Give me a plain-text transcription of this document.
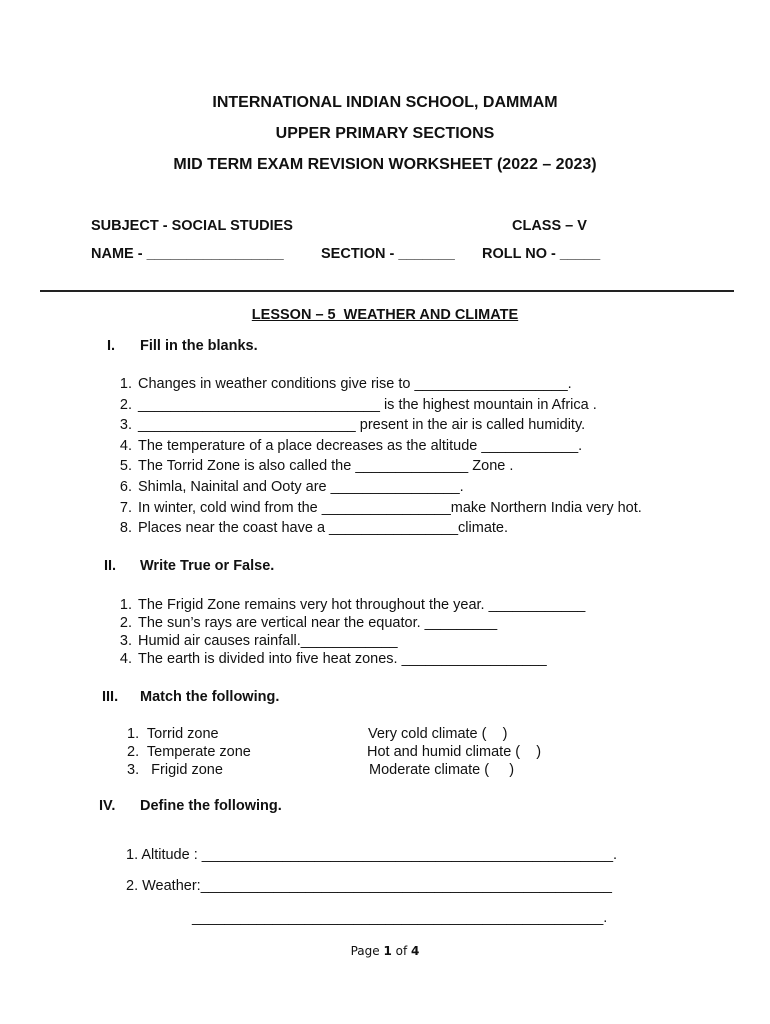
INTERNATIONAL INDIAN SCHOOL, DAMMAM
UPPER PRIMARY SECTIONS
MID TERM EXAM REVISION WORKSHEET (2022 – 2023)
SUBJECT - SOCIAL STUDIES	CLASS – V
NAME - _________________	SECTION - _______ ROLL NO - _____
LESSON – 5  WEATHER AND CLIMATE
I. Fill in the blanks.
1. Changes in weather conditions give rise to ___________________.
2. ______________________________ is the highest mountain in Africa .
3. ___________________________ present in the air is called humidity.
4. The temperature of a place decreases as the altitude ____________.
5. The Torrid Zone is also called the ______________ Zone .
6. Shimla, Nainital and Ooty are ________________.
7. In winter, cold wind from the ________________make Northern India very hot.
8. Places near the coast have a ________________climate.
II. Write True or False.
1. The Frigid Zone remains very hot throughout the year. ____________
2. The sun’s rays are vertical near the equator. _________
3. Humid air causes rainfall.____________
4. The earth is divided into five heat zones. __________________
III. Match the following.
1.  Torrid zone
2.  Temperate zone
3.   Frigid zone
Very cold climate (    )
Hot and humid climate (    )
Moderate climate (     )
IV. Define the following.
1. Altitude : ___________________________________________________.
2. Weather:___________________________________________________
___________________________________________________.
Page 1 of 4
